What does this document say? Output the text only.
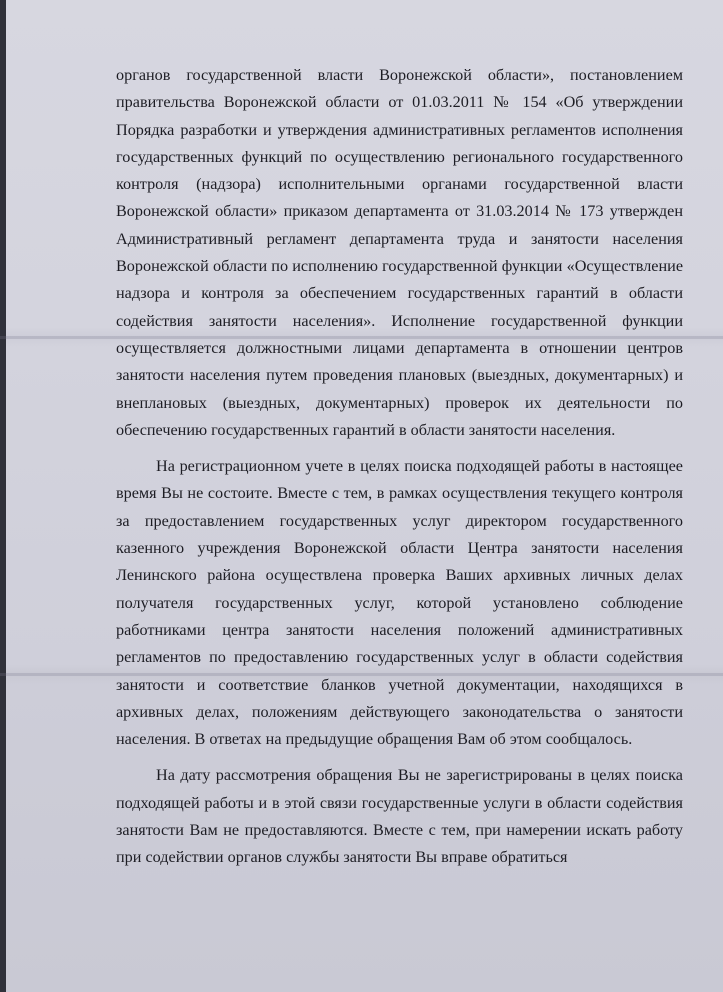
органов государственной власти Воронежской области», постановлением правительства Воронежской области от 01.03.2011 № 154 «Об утверждении Порядка разработки и утверждения административных регламентов исполнения государственных функций по осуществлению регионального государственного контроля (надзора) исполнительными органами государственной власти Воронежской области» приказом департамента от 31.03.2014 № 173 утвержден Административный регламент департамента труда и занятости населения Воронежской области по исполнению государственной функции «Осуществление надзора и контроля за обеспечением государственных гарантий в области содействия занятости населения». Исполнение государственной функции осуществляется должностными лицами департамента в отношении центров занятости населения путем проведения плановых (выездных, документарных) и внеплановых (выездных, документарных) проверок их деятельности по обеспечению государственных гарантий в области занятости населения.

На регистрационном учете в целях поиска подходящей работы в настоящее время Вы не состоите. Вместе с тем, в рамках осуществления текущего контроля за предоставлением государственных услуг директором государственного казенного учреждения Воронежской области Центра занятости населения Ленинского района осуществлена проверка Ваших архивных личных делах получателя государственных услуг, которой установлено соблюдение работниками центра занятости населения положений административных регламентов по предоставлению государственных услуг в области содействия занятости и соответствие бланков учетной документации, находящихся в архивных делах, положениям действующего законодательства о занятости населения. В ответах на предыдущие обращения Вам об этом сообщалось.

На дату рассмотрения обращения Вы не зарегистрированы в целях поиска подходящей работы и в этой связи государственные услуги в области содействия занятости Вам не предоставляются. Вместе с тем, при намерении искать работу при содействии органов службы занятости Вы вправе обратиться
